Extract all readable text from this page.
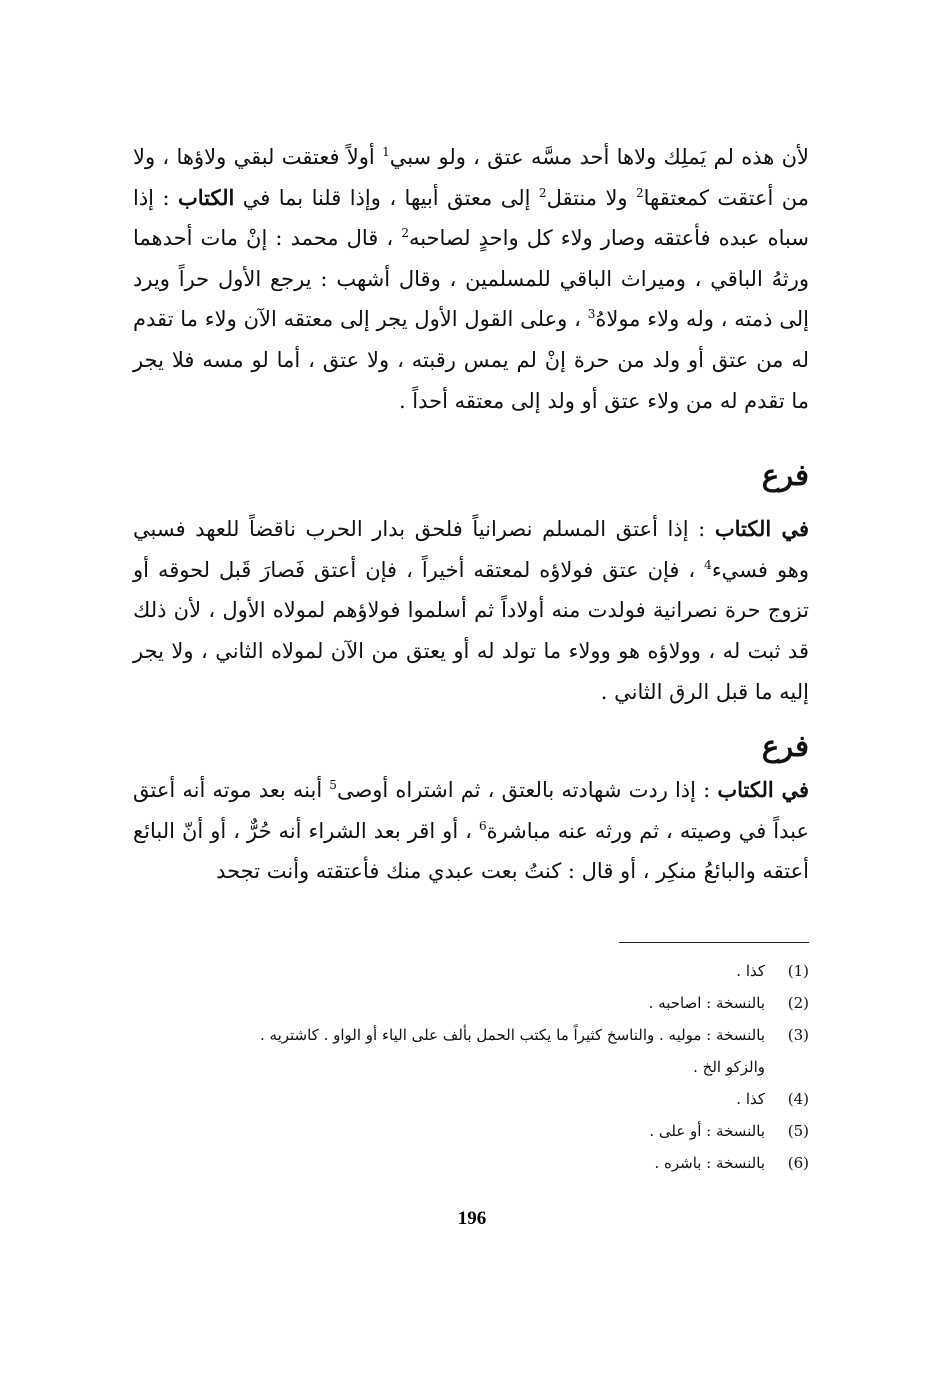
لأن هذه لم يَملِك ولاها أحد مسَّه عتق ، ولو سبي$^1$ أولاً فعتقت لبقي ولاؤها ، ولا من أعتقت كمعتقها$^2$ ولا منتقل$^2$ إلى معتق أبيها ، وإذا قلنا بما في الكتاب : إذا سباه عبده فأعتقه وصار ولاء كل واحدٍ لصاحبه$^2$ ، قال محمد : إنْ مات أحدهما ورثهُ الباقي ، وميراث الباقي للمسلمين ، وقال أشهب : يرجع الأول حراً ويرد إلى ذمته ، وله ولاء مولاهُ$^3$ ، وعلى القول الأول يجر إلى معتقه الآن ولاء ما تقدم له من عتق أو ولد من حرة إنْ لم يمس رقبته ، ولا عتق ، أما لو مسه فلا يجر ما تقدم له من ولاء عتق أو ولد إلى معتقه أحداً .

فرع

في الكتاب : إذا أعتق المسلم نصرانياً فلحق بدار الحرب ناقضاً للعهد فسبي وهو فسيء$^4$ ، فإن عتق فولاؤه لمعتقه أخيراً ، فإن أعتق فَصارَ قَبل لحوقه أو تزوج حرة نصرانية فولدت منه أولاداً ثم أسلموا فولاؤهم لمولاه الأول ، لأن ذلك قد ثبت له ، وولاؤه هو وولاء ما تولد له أو يعتق من الآن لمولاه الثاني ، ولا يجر إليه ما قبل الرق الثاني .

فرع

في الكتاب : إذا ردت شهادته بالعتق ، ثم اشتراه أوصى$^5$ أبنه بعد موته أنه أعتق عبداً في وصيته ، ثم ورثه عنه مباشرة$^6$ ، أو اقر بعد الشراء أنه حُرٌّ ، أو أنّ البائع أعتقه والبائعُ منكِر ، أو قال : كنتُ بعت عبدي منك فأعتقته وأنت تجحد

(1)
كذا .
(2)
بالنسخة : اصاحبه .
(3)
بالنسخة : موليه . والناسخ كثيراً ما يكتب الحمل بألف على الياء أو الواو . كاشتريه .
والزكو الخ .
(4)
كذا .
(5)
بالنسخة : أو على .
(6)
بالنسخة : باشره .
196
